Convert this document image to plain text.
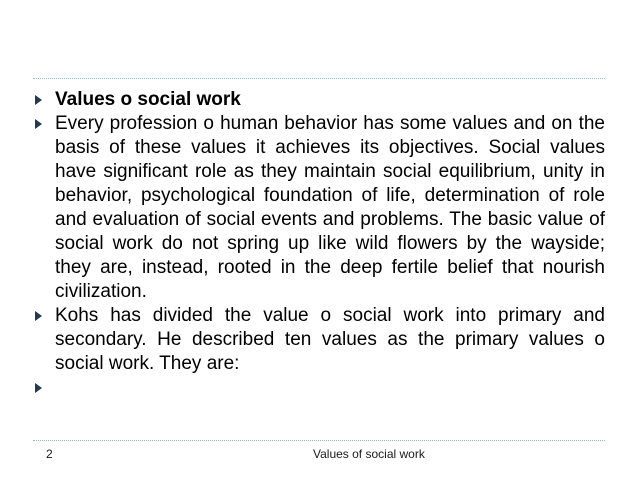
Values o social work
Every profession o human behavior has some values and on the basis of these values it achieves its objectives. Social values have significant role as they maintain social equilibrium, unity in behavior, psychological foundation of life, determination of role and evaluation of social events and problems. The basic value of social work do not spring up like wild flowers by the wayside; they are, instead, rooted in the deep fertile belief that nourish civilization.
Kohs has divided the value o social work into primary and secondary. He described ten values as the primary values o social work. They are:
2	Values of social work
